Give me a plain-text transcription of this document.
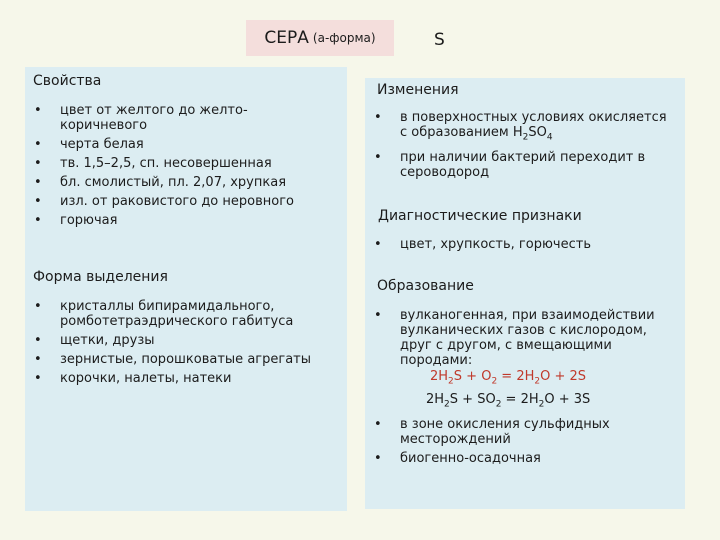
СЕРА (а-форма)	S
Свойства
• цвет от желтого до желто-коричневого
• черта белая
• тв. 1,5–2,5, сп. несовершенная
• бл. смолистый, пл. 2,07, хрупкая
• изл. от раковистого до неровного
• горючая
Форма выделения
• кристаллы бипирамидального, ромботетраэдрического габитуса
• щетки, друзы
• зернистые, порошковатые агрегаты
• корочки, налеты, натеки
Изменения
• в поверхностных условиях окисляется с образованием $H_2SO_4$
• при наличии бактерий переходит в сероводород
Диагностические признаки
• цвет, хрупкость, горючесть
Образование
• вулканогенная, при взаимодействии вулканических газов с кислородом, друг с другом, с вмещающими породами:
$2H_2S + O_2 = 2H_2O + 2S$
$2H_2S + SO_2 = 2H_2O + 3S$
• в зоне окисления сульфидных месторождений
• биогенно-осадочная
